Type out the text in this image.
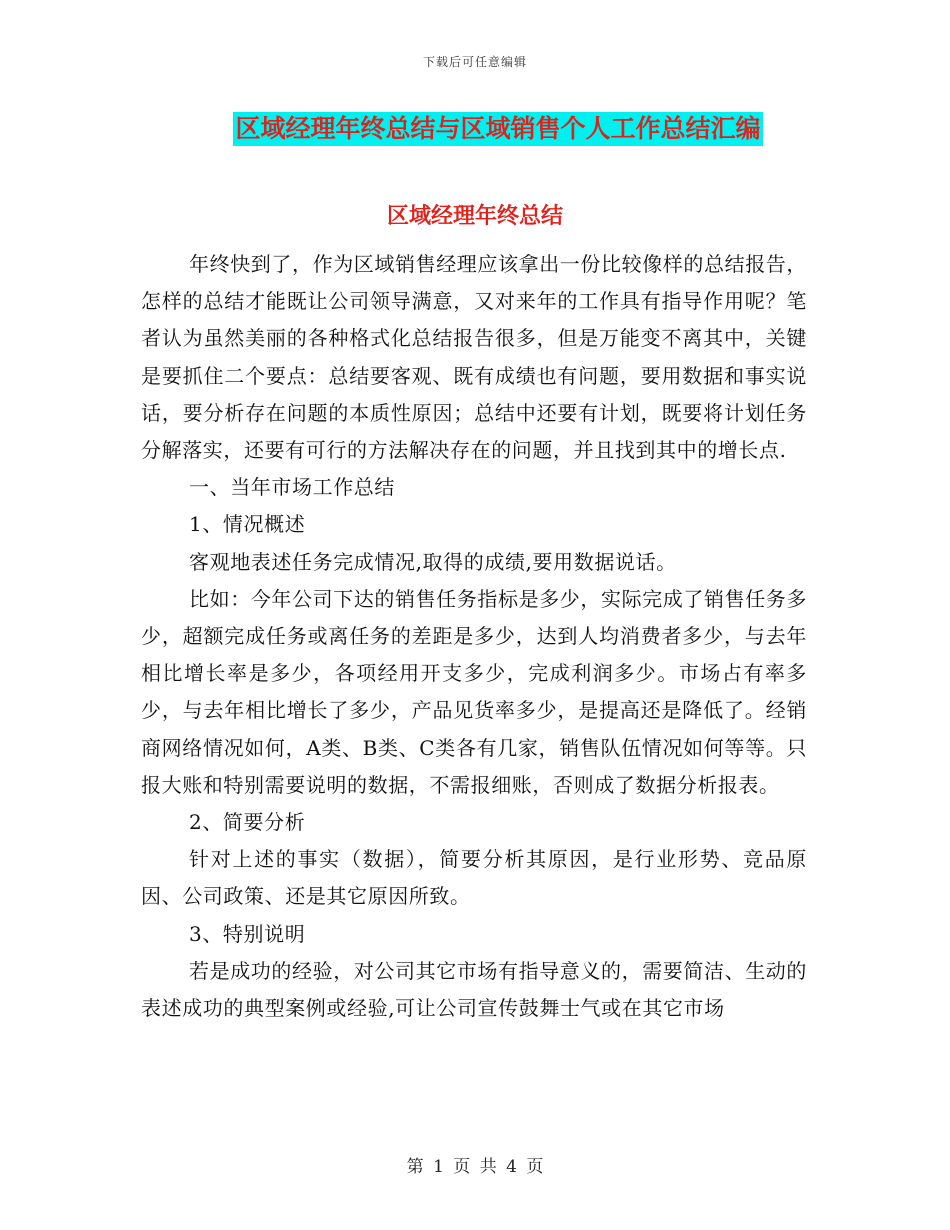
下载后可任意编辑
区域经理年终总结与区域销售个人工作总结汇编
区域经理年终总结

年终快到了，作为区域销售经理应该拿出一份比较像样的总结报告，怎样的总结才能既让公司领导满意，又对来年的工作具有指导作用呢？笔者认为虽然美丽的各种格式化总结报告很多，但是万能变不离其中，关键是要抓住二个要点：总结要客观、既有成绩也有问题，要用数据和事实说话，要分析存在问题的本质性原因；总结中还要有计划，既要将计划任务分解落实，还要有可行的方法解决存在的问题，并且找到其中的增长点.

一、当年市场工作总结

1、情况概述

客观地表述任务完成情况,取得的成绩,要用数据说话。

比如：今年公司下达的销售任务指标是多少，实际完成了销售任务多少，超额完成任务或离任务的差距是多少，达到人均消费者多少，与去年相比增长率是多少，各项经用开支多少，完成利润多少。市场占有率多少，与去年相比增长了多少，产品见货率多少，是提高还是降低了。经销商网络情况如何，A类、B类、C类各有几家，销售队伍情况如何等等。只报大账和特别需要说明的数据，不需报细账，否则成了数据分析报表。

2、简要分析

针对上述的事实（数据），简要分析其原因，是行业形势、竞品原因、公司政策、还是其它原因所致。

3、特别说明

若是成功的经验，对公司其它市场有指导意义的，需要简洁、生动的表述成功的典型案例或经验,可让公司宣传鼓舞士气或在其它市场

第 1 页 共 4 页
